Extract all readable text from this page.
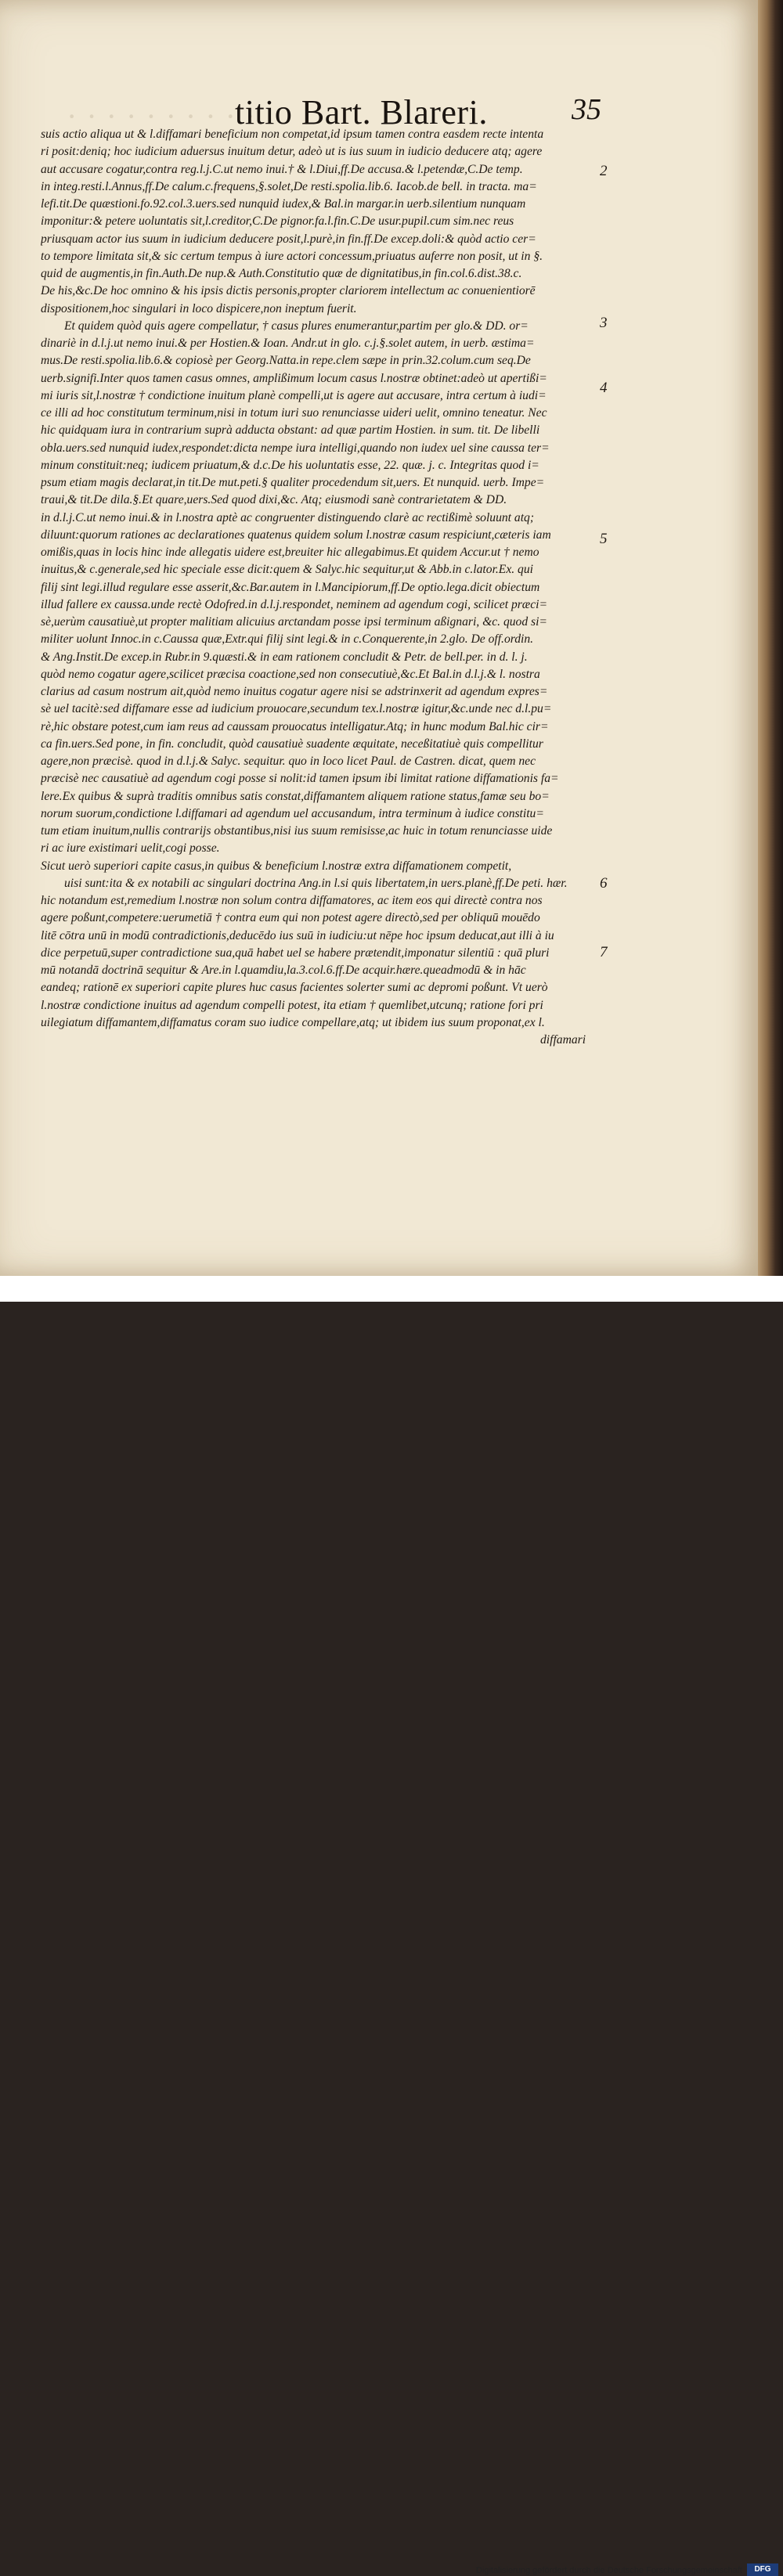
· · · · · · · · · ·
titio Bart. Blareri.	35
suis actio aliqua ut & l.diffamari beneficium non competat,id ipsum tamen contra easdem recte intenta
ri posit:deniq; hoc iudicium aduersus inuitum detur, adeò ut is ius suum in iudicio deducere atq; agere
aut accusare cogatur,contra reg.l.j.C.ut nemo inui.† & l.Diui,ff.De accusa.& l.petendæ,C.De temp.
in integ.resti.l.Annus,ff.De calum.c.frequens,§.solet,De resti.spolia.lib.6. Iacob.de bell. in tracta. ma=
lefi.tit.De quæstioni.fo.92.col.3.uers.sed nunquid iudex,& Bal.in margar.in uerb.silentium nunquam
imponitur:& petere uoluntatis sit,l.creditor,C.De pignor.fa.l.fin.C.De usur.pupil.cum sim.nec reus
priusquam actor ius suum in iudicium deducere posit,l.purè,in fin.ff.De excep.doli:& quòd actio cer=
to tempore limitata sit,& sic certum tempus à iure actori concessum,priuatus auferre non posit, ut in §.
quid de augmentis,in fin.Auth.De nup.& Auth.Constitutio quæ de dignitatibus,in fin.col.6.dist.38.c.
De his,&c.De hoc omnino & his ipsis dictis personis,propter clariorem intellectum ac conuenientiorē
dispositionem,hoc singulari in loco dispicere,non ineptum fuerit.
Et quidem quòd quis agere compellatur, † casus plures enumerantur,partim per glo.& DD. or=
dinariè in d.l.j.ut nemo inui.& per Hostien.& Ioan. Andr.ut in glo. c.j.§.solet autem, in uerb. æstima=
mus.De resti.spolia.lib.6.& copiosè per Georg.Natta.in repe.clem sæpe in prin.32.colum.cum seq.De
uerb.signifi.Inter quos tamen casus omnes, amplißimum locum casus l.nostræ obtinet:adeò ut apertißi=
mi iuris sit,l.nostræ † condictione inuitum planè compelli,ut is agere aut accusare, intra certum à iudi=
ce illi ad hoc constitutum terminum,nisi in totum iuri suo renunciasse uideri uelit, omnino teneatur. Nec
hic quidquam iura in contrarium suprà adducta obstant: ad quæ partim Hostien. in sum. tit. De libelli
obla.uers.sed nunquid iudex,respondet:dicta nempe iura intelligi,quando non iudex uel sine caussa ter=
minum constituit:neq; iudicem priuatum,& d.c.De his uoluntatis esse, 22. quæ. j. c. Integritas quod i=
psum etiam magis declarat,in tit.De mut.peti.§ qualiter procedendum sit,uers. Et nunquid. uerb. Impe=
traui,& tit.De dila.§.Et quare,uers.Sed quod dixi,&c. Atq; eiusmodi sanè contrarietatem & DD.
in d.l.j.C.ut nemo inui.& in l.nostra aptè ac congruenter distinguendo clarè ac rectißimè soluunt atq;
diluunt:quorum rationes ac declarationes quatenus quidem solum l.nostræ casum respiciunt,cæteris iam
omißis,quas in locis hinc inde allegatis uidere est,breuiter hic allegabimus.Et quidem Accur.ut † nemo
inuitus,& c.generale,sed hic speciale esse dicit:quem & Salyc.hic sequitur,ut & Abb.in c.lator.Ex. qui
filij sint legi.illud regulare esse asserit,&c.Bar.autem in l.Mancipiorum,ff.De optio.lega.dicit obiectum
illud fallere ex caussa.unde rectè Odofred.in d.l.j.respondet, neminem ad agendum cogi, scilicet præci=
sè,uerùm causatiuè,ut propter malitiam alicuius arctandam posse ipsi terminum aßignari, &c. quod si=
militer uolunt Innoc.in c.Caussa quæ,Extr.qui filij sint legi.& in c.Conquerente,in 2.glo. De off.ordin.
& Ang.Instit.De excep.in Rubr.in 9.quæsti.& in eam rationem concludit & Petr. de bell.per. in d. l. j.
quòd nemo cogatur agere,scilicet præcisa coactione,sed non consecutiuè,&c.Et Bal.in d.l.j.& l. nostra
clarius ad casum nostrum ait,quòd nemo inuitus cogatur agere nisi se adstrinxerit ad agendum expres=
sè uel tacitè:sed diffamare esse ad iudicium prouocare,secundum tex.l.nostræ igitur,&c.unde nec d.l.pu=
rè,hic obstare potest,cum iam reus ad caussam prouocatus intelligatur.Atq; in hunc modum Bal.hic cir=
ca fin.uers.Sed pone, in fin. concludit, quòd causatiuè suadente æquitate, neceßitatiuè quis compellitur
agere,non præcisè. quod in d.l.j.& Salyc. sequitur. quo in loco licet Paul. de Castren. dicat, quem nec
præcisè nec causatiuè ad agendum cogi posse si nolit:id tamen ipsum ibi limitat ratione diffamationis fa=
lere.Ex quibus & suprà traditis omnibus satis constat,diffamantem aliquem ratione status,famæ seu bo=
norum suorum,condictione l.diffamari ad agendum uel accusandum, intra terminum à iudice constitu=
tum etiam inuitum,nullis contrarijs obstantibus,nisi ius suum remisisse,ac huic in totum renunciasse uide
ri ac iure existimari uelit,cogi posse.
Sicut uerò superiori capite casus,in quibus & beneficium l.nostræ extra diffamationem competit,
uisi sunt:ita & ex notabili ac singulari doctrina Ang.in l.si quis libertatem,in uers.planè,ff.De peti. hær.
hic notandum est,remedium l.nostræ non solum contra diffamatores, ac item eos qui directè contra nos
agere poßunt,competere:uerumetiā † contra eum qui non potest agere directò,sed per obliquū mouēdo
litē cōtra unū in modū contradictionis,deducēdo ius suū in iudiciu:ut nēpe hoc ipsum deducat,aut illi à iu
dice perpetuū,super contradictione sua,quā habet uel se habere prætendit,imponatur silentiū : quā pluri
mū notandā doctrinā sequitur & Are.in l.quamdiu,la.3.col.6.ff.De acquir.hære.queadmodū & in hāc
eandeq; rationē ex superiori capite plures huc casus facientes solerter sumi ac depromi poßunt. Vt uerò
l.nostræ condictione inuitus ad agendum compelli potest, ita etiam † quemlibet,utcunq; ratione fori pri
uilegiatum diffamantem,diffamatus coram suo iudice compellare,atq; ut ibidem ius suum proponat,ex l.
diffamari
2
3
4
5
6
7
Digitalisierung gefördert durch die Deutsche Forschungsgemeinschaft	DFG
